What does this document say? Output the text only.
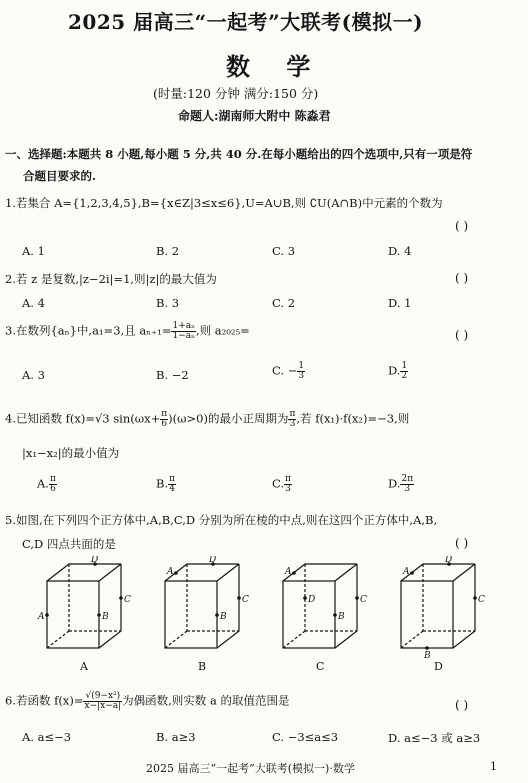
2025 届高三“一起考”大联考(模拟一)
数 学
(时量:120 分钟 满分:150 分)
命题人:湖南师大附中 陈淼君
一、选择题:本题共 8 小题,每小题 5 分,共 40 分.在每小题给出的四个选项中,只有一项是符
合题目要求的.
1.若集合 A={1,2,3,4,5},B={x∈Z|3≤x≤6},U=A∪B,则 ∁U(A∩B)中元素的个数为
( )
A. 1	B. 2	C. 3	D. 4
2.若 z 是复数,|z−2i|=1,则|z|的最大值为	( )
A. 4	B. 3	C. 2	D. 1
3.在数列{aₙ}中,a₁=3,且 $a_{n+1}= \frac{\text{1+aₙ}}{\text{1−aₙ}}$ ,则 a₂₀₂₅=	( )
A. 3	B. −2	C. − $\frac{1}{3}$	D. $\frac{1}{2}$
4.已知函数 f(x)=√3 $\sin(\omega x+ \frac{\pi}{6} )(\omega>0)$的最小正周期为 $\frac{\pi}{3}$ ,若 f(x₁)·f(x₂)=−3,则
|x₁−x₂|的最小值为
A. $\frac{\pi}{6}$	B. $\frac{\pi}{4}$	C. $\frac{\pi}{3}$	D. $\frac{2\pi}{3}$
5.如图,在下列四个正方体中,A,B,C,D 分别为所在棱的中点,则在这四个正方体中,A,B,
C,D 四点共面的是	( )
D
C
A	B
A
D
C
B
A
D	C
B
A
D
C
B
A	B	C	D
6.若函数 $f(x)= \frac{\text{√(9−x²)}}{x-|x-a|}$ 为偶函数,则实数 a 的取值范围是	( )
A. a≤−3	B. a≥3	C. −3≤a≤3	D. a≤−3 或 a≥3
2025 届高三“一起考”大联考(模拟一)·数学	1
